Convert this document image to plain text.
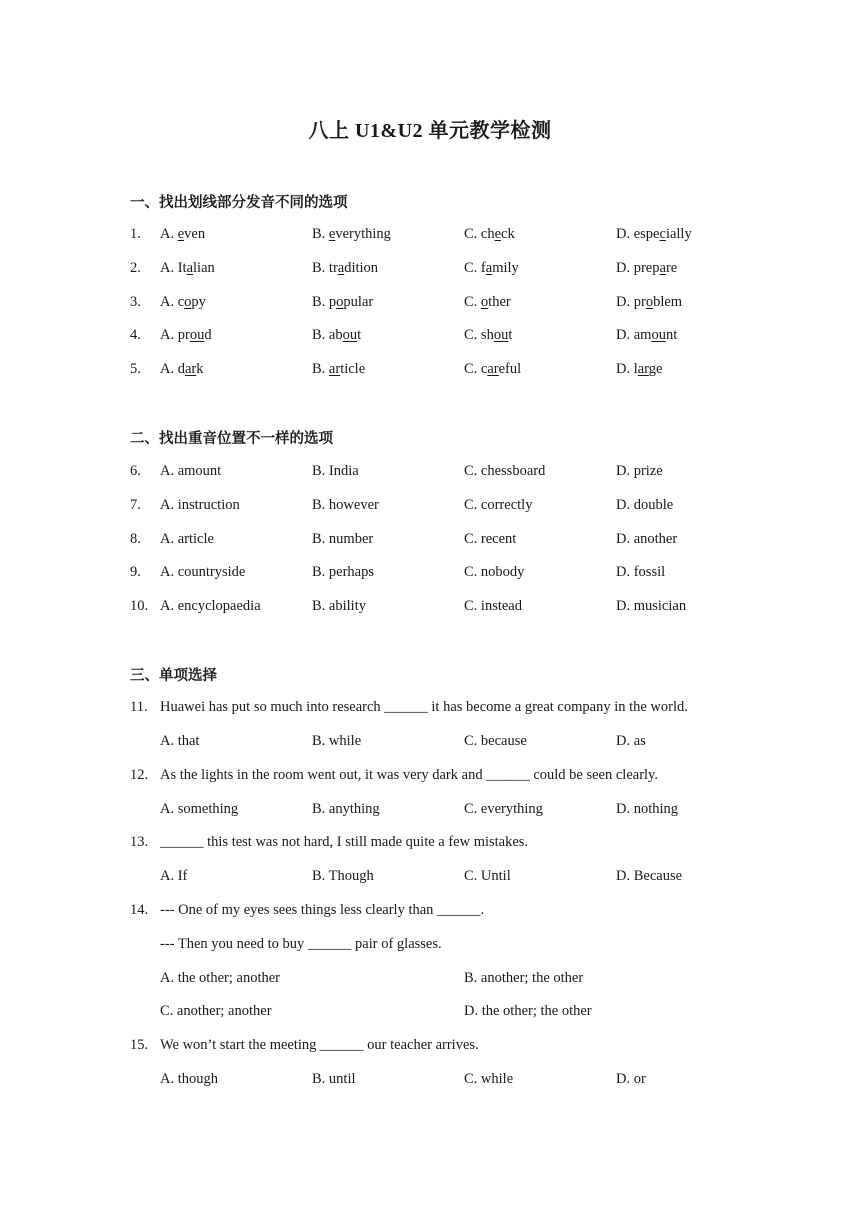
八上 U1&U2 单元教学检测
一、找出划线部分发音不同的选项
1. A. even	B. everything	C. check	D. especially
2. A. Italian	B. tradition	C. family	D. prepare
3. A. copy	B. popular	C. other	D. problem
4. A. proud	B. about	C. shout	D. amount
5. A. dark	B. article	C. careful	D. large
二、找出重音位置不一样的选项
6. A. amount	B. India	C. chessboard	D. prize
7. A. instruction	B. however	C. correctly	D. double
8. A. article	B. number	C. recent	D. another
9. A. countryside	B. perhaps	C. nobody	D. fossil
10. A. encyclopaedia	B. ability	C. instead	D. musician
三、单项选择
11. Huawei has put so much into research ______ it has become a great company in the world.
A. that	B. while	C. because	D. as
12. As the lights in the room went out, it was very dark and ______ could be seen clearly.
A. something	B. anything	C. everything	D. nothing
13. ______ this test was not hard, I still made quite a few mistakes.
A. If	B. Though	C. Until	D. Because
14. --- One of my eyes sees things less clearly than ______.
--- Then you need to buy ______ pair of glasses.
A. the other; another	B. another; the other
C. another; another	D. the other; the other
15. We won’t start the meeting ______ our teacher arrives.
A. though	B. until	C. while	D. or
